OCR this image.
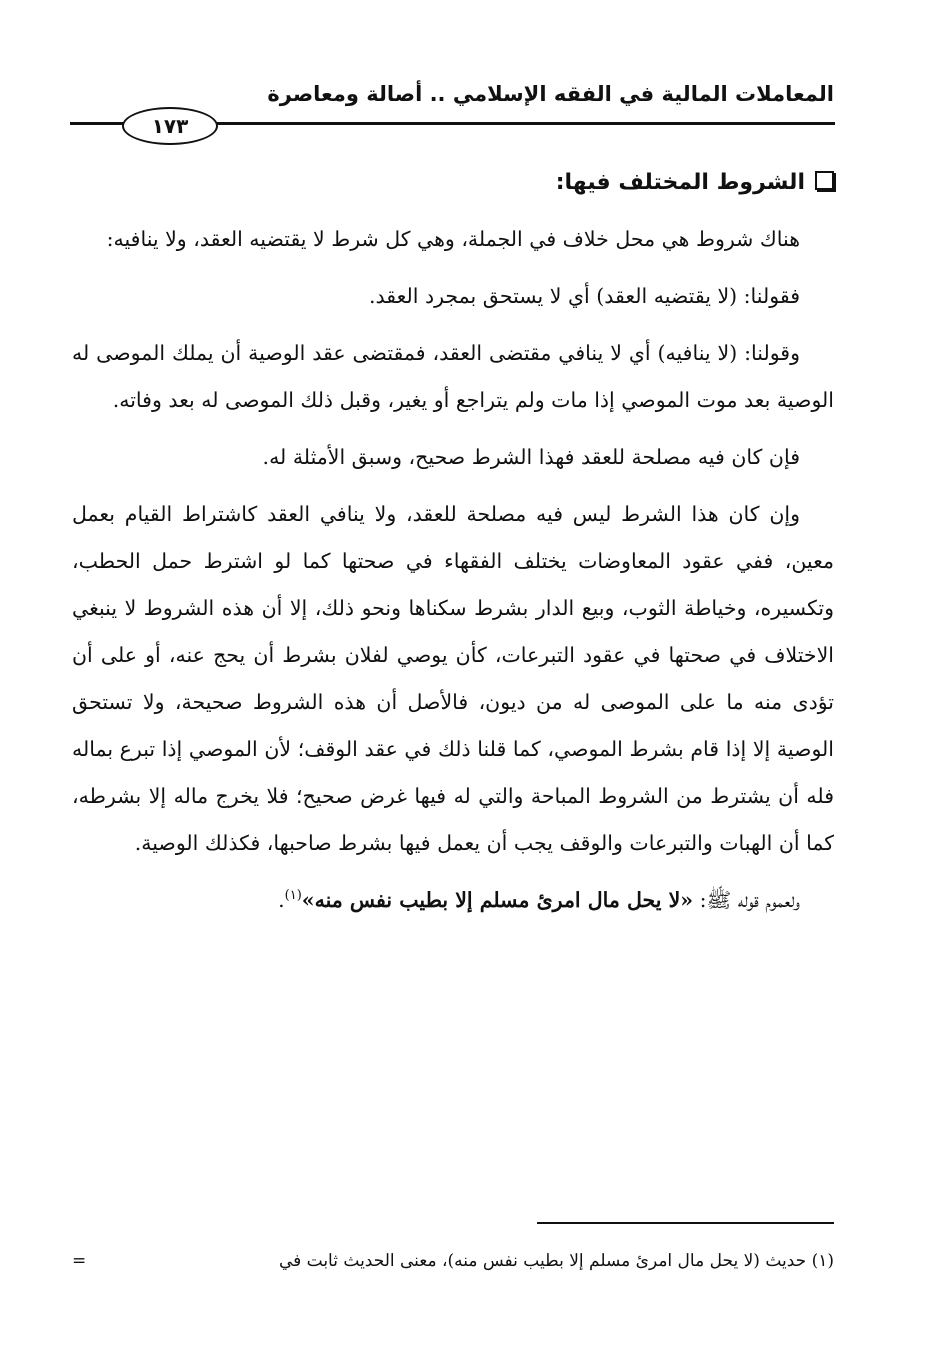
المعاملات المالية في الفقه الإسلامي .. أصالة ومعاصرة
١٧٣
الشروط المختلف فيها:

هناك شروط هي محل خلاف في الجملة، وهي كل شرط لا يقتضيه العقد، ولا ينافيه:

فقولنا: (لا يقتضيه العقد) أي لا يستحق بمجرد العقد.

وقولنا: (لا ينافيه) أي لا ينافي مقتضى العقد، فمقتضى عقد الوصية أن يملك الموصى له الوصية بعد موت الموصي إذا مات ولم يتراجع أو يغير، وقبل ذلك الموصى له بعد وفاته.

فإن كان فيه مصلحة للعقد فهذا الشرط صحيح، وسبق الأمثلة له.

وإن كان هذا الشرط ليس فيه مصلحة للعقد، ولا ينافي العقد كاشتراط القيام بعمل معين، ففي عقود المعاوضات يختلف الفقهاء في صحتها كما لو اشترط حمل الحطب، وتكسيره، وخياطة الثوب، وبيع الدار بشرط سكناها ونحو ذلك، إلا أن هذه الشروط لا ينبغي الاختلاف في صحتها في عقود التبرعات، كأن يوصي لفلان بشرط أن يحج عنه، أو على أن تؤدى منه ما على الموصى له من ديون، فالأصل أن هذه الشروط صحيحة، ولا تستحق الوصية إلا إذا قام بشرط الموصي، كما قلنا ذلك في عقد الوقف؛ لأن الموصي إذا تبرع بماله فله أن يشترط من الشروط المباحة والتي له فيها غرض صحيح؛ فلا يخرج ماله إلا بشرطه، كما أن الهبات والتبرعات والوقف يجب أن يعمل فيها بشرط صاحبها، فكذلك الوصية.

ولعموم قوله ﷺ: «لا يحل مال امرئ مسلم إلا بطيب نفس منه»$^{(١)}$.

(١) حديث (لا يحل مال امرئ مسلم إلا بطيب نفس منه)، معنى الحديث ثابت في
=
